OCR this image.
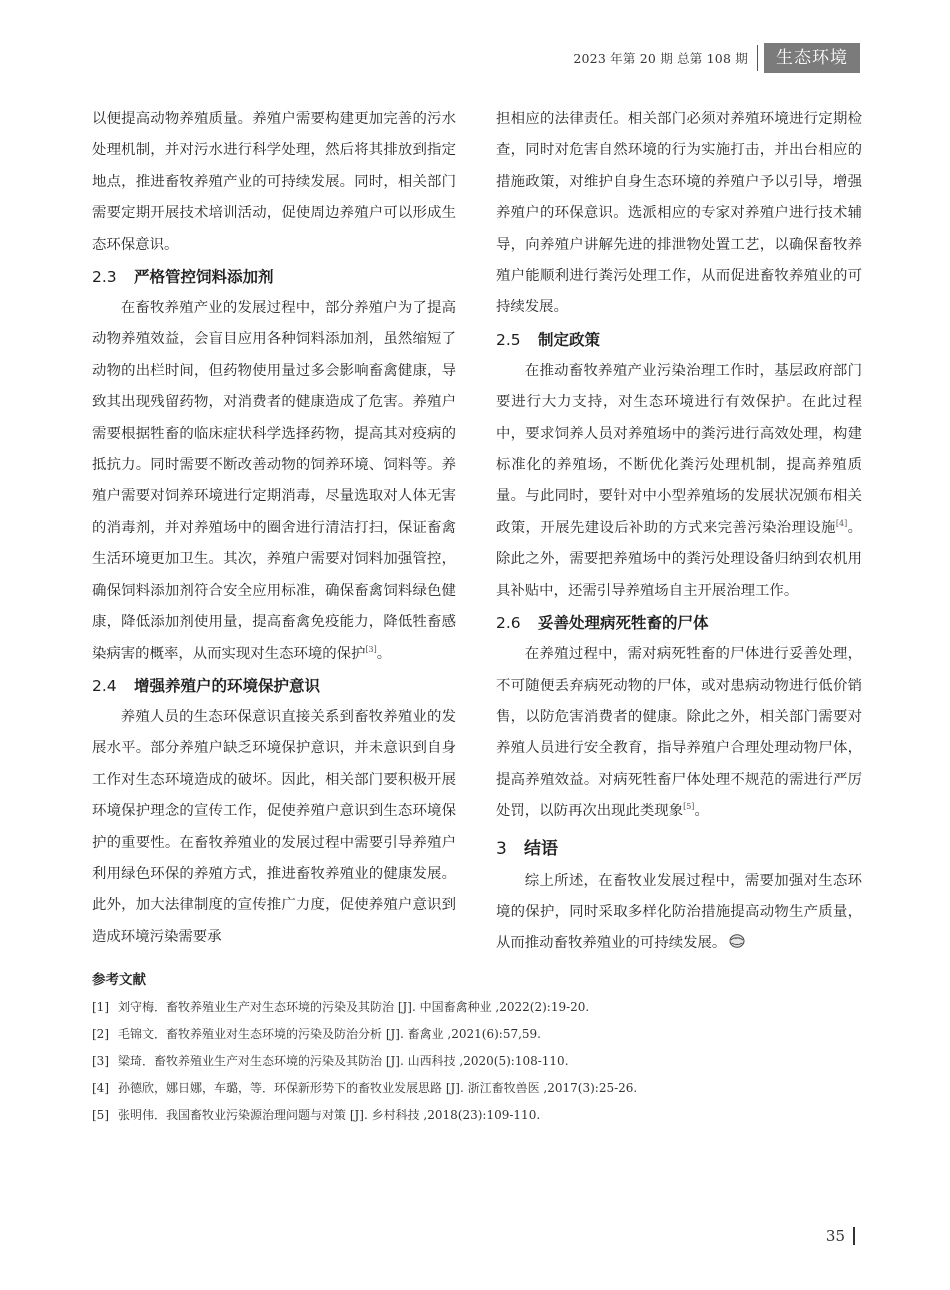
2023 年第 20 期 总第 108 期	生态环境

以便提高动物养殖质量。养殖户需要构建更加完善的污水处理机制，并对污水进行科学处理，然后将其排放到指定地点，推进畜牧养殖产业的可持续发展。同时，相关部门需要定期开展技术培训活动，促使周边养殖户可以形成生态环保意识。

2.3 严格管控饲料添加剂

在畜牧养殖产业的发展过程中，部分养殖户为了提高动物养殖效益，会盲目应用各种饲料添加剂，虽然缩短了动物的出栏时间，但药物使用量过多会影响畜禽健康，导致其出现残留药物，对消费者的健康造成了危害。养殖户需要根据牲畜的临床症状科学选择药物，提高其对疫病的抵抗力。同时需要不断改善动物的饲养环境、饲料等。养殖户需要对饲养环境进行定期消毒，尽量选取对人体无害的消毒剂，并对养殖场中的圈舍进行清洁打扫，保证畜禽生活环境更加卫生。其次，养殖户需要对饲料加强管控，确保饲料添加剂符合安全应用标准，确保畜禽饲料绿色健康，降低添加剂使用量，提高畜禽免疫能力，降低牲畜感染病害的概率，从而实现对生态环境的保护[3]。

2.4 增强养殖户的环境保护意识

养殖人员的生态环保意识直接关系到畜牧养殖业的发展水平。部分养殖户缺乏环境保护意识，并未意识到自身工作对生态环境造成的破坏。因此，相关部门要积极开展环境保护理念的宣传工作，促使养殖户意识到生态环境保护的重要性。在畜牧养殖业的发展过程中需要引导养殖户利用绿色环保的养殖方式，推进畜牧养殖业的健康发展。此外，加大法律制度的宣传推广力度，促使养殖户意识到造成环境污染需要承

担相应的法律责任。相关部门必须对养殖环境进行定期检查，同时对危害自然环境的行为实施打击，并出台相应的措施政策，对维护自身生态环境的养殖户予以引导，增强养殖户的环保意识。选派相应的专家对养殖户进行技术辅导，向养殖户讲解先进的排泄物处置工艺，以确保畜牧养殖户能顺利进行粪污处理工作，从而促进畜牧养殖业的可持续发展。

2.5 制定政策

在推动畜牧养殖产业污染治理工作时，基层政府部门要进行大力支持，对生态环境进行有效保护。在此过程中，要求饲养人员对养殖场中的粪污进行高效处理，构建标准化的养殖场，不断优化粪污处理机制，提高养殖质量。与此同时，要针对中小型养殖场的发展状况颁布相关政策，开展先建设后补助的方式来完善污染治理设施[4]。除此之外，需要把养殖场中的粪污处理设备归纳到农机用具补贴中，还需引导养殖场自主开展治理工作。

2.6 妥善处理病死牲畜的尸体

在养殖过程中，需对病死牲畜的尸体进行妥善处理，不可随便丢弃病死动物的尸体，或对患病动物进行低价销售，以防危害消费者的健康。除此之外，相关部门需要对养殖人员进行安全教育，指导养殖户合理处理动物尸体，提高养殖效益。对病死牲畜尸体处理不规范的需进行严厉处罚，以防再次出现此类现象[5]。

3 结语

综上所述，在畜牧业发展过程中，需要加强对生态环境的保护，同时采取多样化防治措施提高动物生产质量，从而推动畜牧养殖业的可持续发展。

参考文献
[1] 刘守梅．畜牧养殖业生产对生态环境的污染及其防治 [J]. 中国畜禽种业 ,2022(2):19-20.
[2] 毛锦文．畜牧养殖业对生态环境的污染及防治分析 [J]. 畜禽业 ,2021(6):57,59.
[3] 梁琦．畜牧养殖业生产对生态环境的污染及其防治 [J]. 山西科技 ,2020(5):108-110.
[4] 孙德欣，娜日娜，车璐，等．环保新形势下的畜牧业发展思路 [J]. 浙江畜牧兽医 ,2017(3):25-26.
[5] 张明伟．我国畜牧业污染源治理问题与对策 [J]. 乡村科技 ,2018(23):109-110.
35
